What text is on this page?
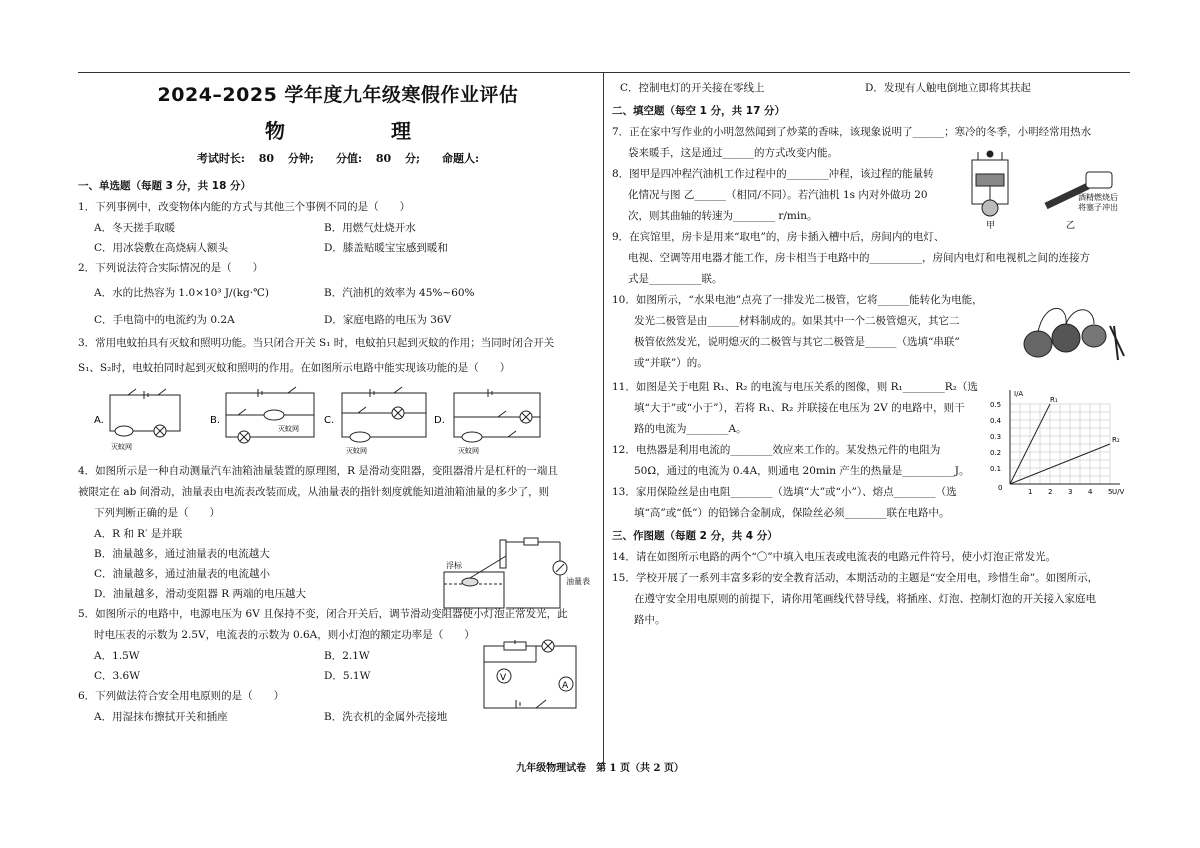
2024–2025 学年度九年级寒假作业评估
物　　理
考试时长: 80 分钟;　　分值: 80 分;　　命题人:
一、单选题（每题 3 分，共 18 分）
1．下列事例中，改变物体内能的方式与其他三个事例不同的是（　　）
A．冬天搓手取暖	B．用燃气灶烧开水
C．用冰袋敷在高烧病人额头	D．膝盖贴暖宝宝感到暖和
2．下列说法符合实际情况的是（　　）
A．水的比热容为 1.0×10³ J/(kg·℃)	B．汽油机的效率为 45%~60%
C．手电筒中的电流约为 0.2A	D．家庭电路的电压为 36V
3．常用电蚊拍具有灭蚊和照明功能。当只闭合开关 S₁ 时，电蚊拍只起到灭蚊的作用；当同时闭合开关
S₁、S₂时，电蚊拍同时起到灭蚊和照明的作用。在如图所示电路中能实现该功能的是（　　）
A.
灭蚊网
B.
灭蚊网
C.
灭蚊网
D.
灭蚊网
4．如图所示是一种自动测量汽车油箱油量装置的原理图，R 是滑动变阻器，变阻器滑片是杠杆的一端且
被限定在 ab 间滑动，油量表由电流表改装而成，从油量表的指针刻度就能知道油箱油量的多少了，则
下列判断正确的是（　　）
A．R 和 R′ 是并联
B．油量越多，通过油量表的电流越大
C．油量越多，通过油量表的电流越小
D．油量越多，滑动变阻器 R 两端的电压越大
5．如图所示的电路中，电源电压为 6V 且保持不变，闭合开关后，调节滑动变阻器使小灯泡正常发光，此
时电压表的示数为 2.5V，电流表的示数为 0.6A，则小灯泡的额定功率是（　　）
A．1.5W	B．2.1W
C．3.6W	D．5.1W
6．下列做法符合安全用电原则的是（　　）
A．用湿抹布擦拭开关和插座	B．洗衣机的金属外壳接地
浮标
油量表
V
A
C．控制电灯的开关接在零线上	D．发现有人触电倒地立即将其扶起
二、填空题（每空 1 分，共 17 分）
7．正在家中写作业的小明忽然闻到了炒菜的香味，该现象说明了______；寒冷的冬季，小明经常用热水
袋来暖手，这是通过______的方式改变内能。
8．图甲是四冲程汽油机工作过程中的________冲程，该过程的能量转
化情况与图 乙______（相同/不同）。若汽油机 1s 内对外做功 20
次，则其曲轴的转速为________ r/min。
9．在宾馆里，房卡是用来“取电”的，房卡插入槽中后，房间内的电灯、
电视、空调等用电器才能工作，房卡相当于电路中的__________，房间内电灯和电视机之间的连接方
式是__________联。
10．如图所示，“水果电池”点亮了一排发光二极管，它将______能转化为电能，
发光二极管是由______材料制成的。如果其中一个二极管熄灭，其它二
极管依然发光，说明熄灭的二极管与其它二极管是______（选填“串联”
或“并联”）的。
11．如图是关于电阻 R₁、R₂ 的电流与电压关系的图像，则 R₁________R₂（选
填“大于”或“小于”），若将 R₁、R₂ 并联接在电压为 2V 的电路中，则干
路的电流为________A。
12．电热器是利用电流的________效应来工作的。某发热元件的电阻为
50Ω，通过的电流为 0.4A，则通电 20min 产生的热量是__________J。
13．家用保险丝是由电阻________（选填“大”或“小”）、熔点________（选
填“高”或“低”）的铅锑合金制成，保险丝必须________联在电路中。
三、作图题（每题 2 分，共 4 分）
14．请在如图所示电路的两个“〇”中填入电压表或电流表的电路元件符号，使小灯泡正常发光。
15．学校开展了一系列丰富多彩的安全教育活动，本期活动的主题是“安全用电，珍惜生命”。如图所示，
在遵守安全用电原则的前提下，请你用笔画线代替导线，将插座、灯泡、控制灯泡的开关接入家庭电
路中。
酒精燃烧后
将塞子冲出
甲	乙
I/A
U/V
R₁
R₂
0.5
0.4
0.3
0.2
0.1
0	1 2 3 4 5
九年级物理试卷　第 1 页（共 2 页）
